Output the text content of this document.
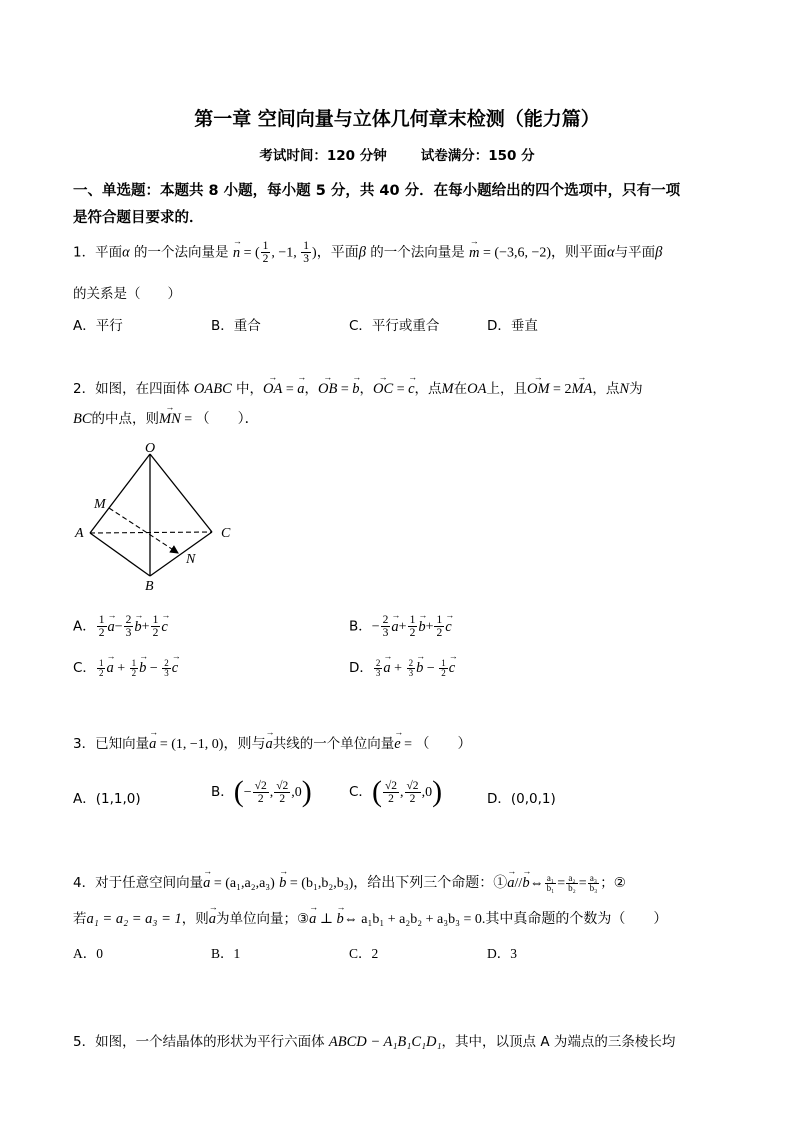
第一章 空间向量与立体几何章末检测（能力篇）
考试时间：120 分钟	试卷满分：150 分
一、单选题：本题共 8 小题，每小题 5 分，共 40 分．在每小题给出的四个选项中，只有一项
是符合题目要求的．
1．平面α 的一个法向量是 → n = ( $\frac{1}{2}$ , −1, $\frac{1}{3}$ )，平面β 的一个法向量是 → m = (−3,6, −2)，则平面α与平面β
的关系是（　　）
A．平行	B．重合	C．平行或重合	D．垂直
2．如图，在四面体 OABC 中，→ OA = → a，→ OB = → b，→ OC = → c，点M在OA上，且→ OM = 2→ MA，点N为
BC的中点，则→ MN = （　　）．
O
M
A	C
N
B
A． $\frac{1}{2}$
→ $a- \frac{2}{3}$
→ $b+ \frac{1}{2}$
→ c	B．− $\frac{2}{3}$
→ $a+ \frac{1}{2}$
→ $b+ \frac{1}{2}$
→ c
C． $\frac{1}{2}$
→ $a + \frac{1}{2}$
→ $b - \frac{2}{3}$
→ c	D． $\frac{2}{3}$
→ $a + \frac{2}{3}$
→ $b - \frac{1}{2}$
→ c
3．已知向量→ a = (1, −1, 0)，则与→ a共线的一个单位向量→ e = （　　）
A．(1,1,0)	B．(− $\frac{√2}{2}$ , $\frac{√2}{2} ,0$)	C．( $\frac{√2}{2}$ , $\frac{√2}{2} ,0$)	D．(0,0,1)
4．对于任意空间向量→ a = (a₁,a₂,a₃) → b = (b₁,b₂,b₃)，给出下列三个命题：①→ a//→ b⇔ $\frac{\text{a₁}}{\text{b₁}} = \frac{\text{a₂}}{\text{b₂}} = \frac{\text{a₃}}{\text{b₃}}$ ；②
若a₁ = a₂ = a₃ = 1，则→ a为单位向量；③→ a ⊥ → b⇔ a₁b₁ + a₂b₂ + a₃b₃ = 0.其中真命题的个数为（　　）
A．0	B．1	C．2	D．3
5．如图，一个结晶体的形状为平行六面体 ABCD − A₁B₁C₁D₁，其中，以顶点 A 为端点的三条棱长均
